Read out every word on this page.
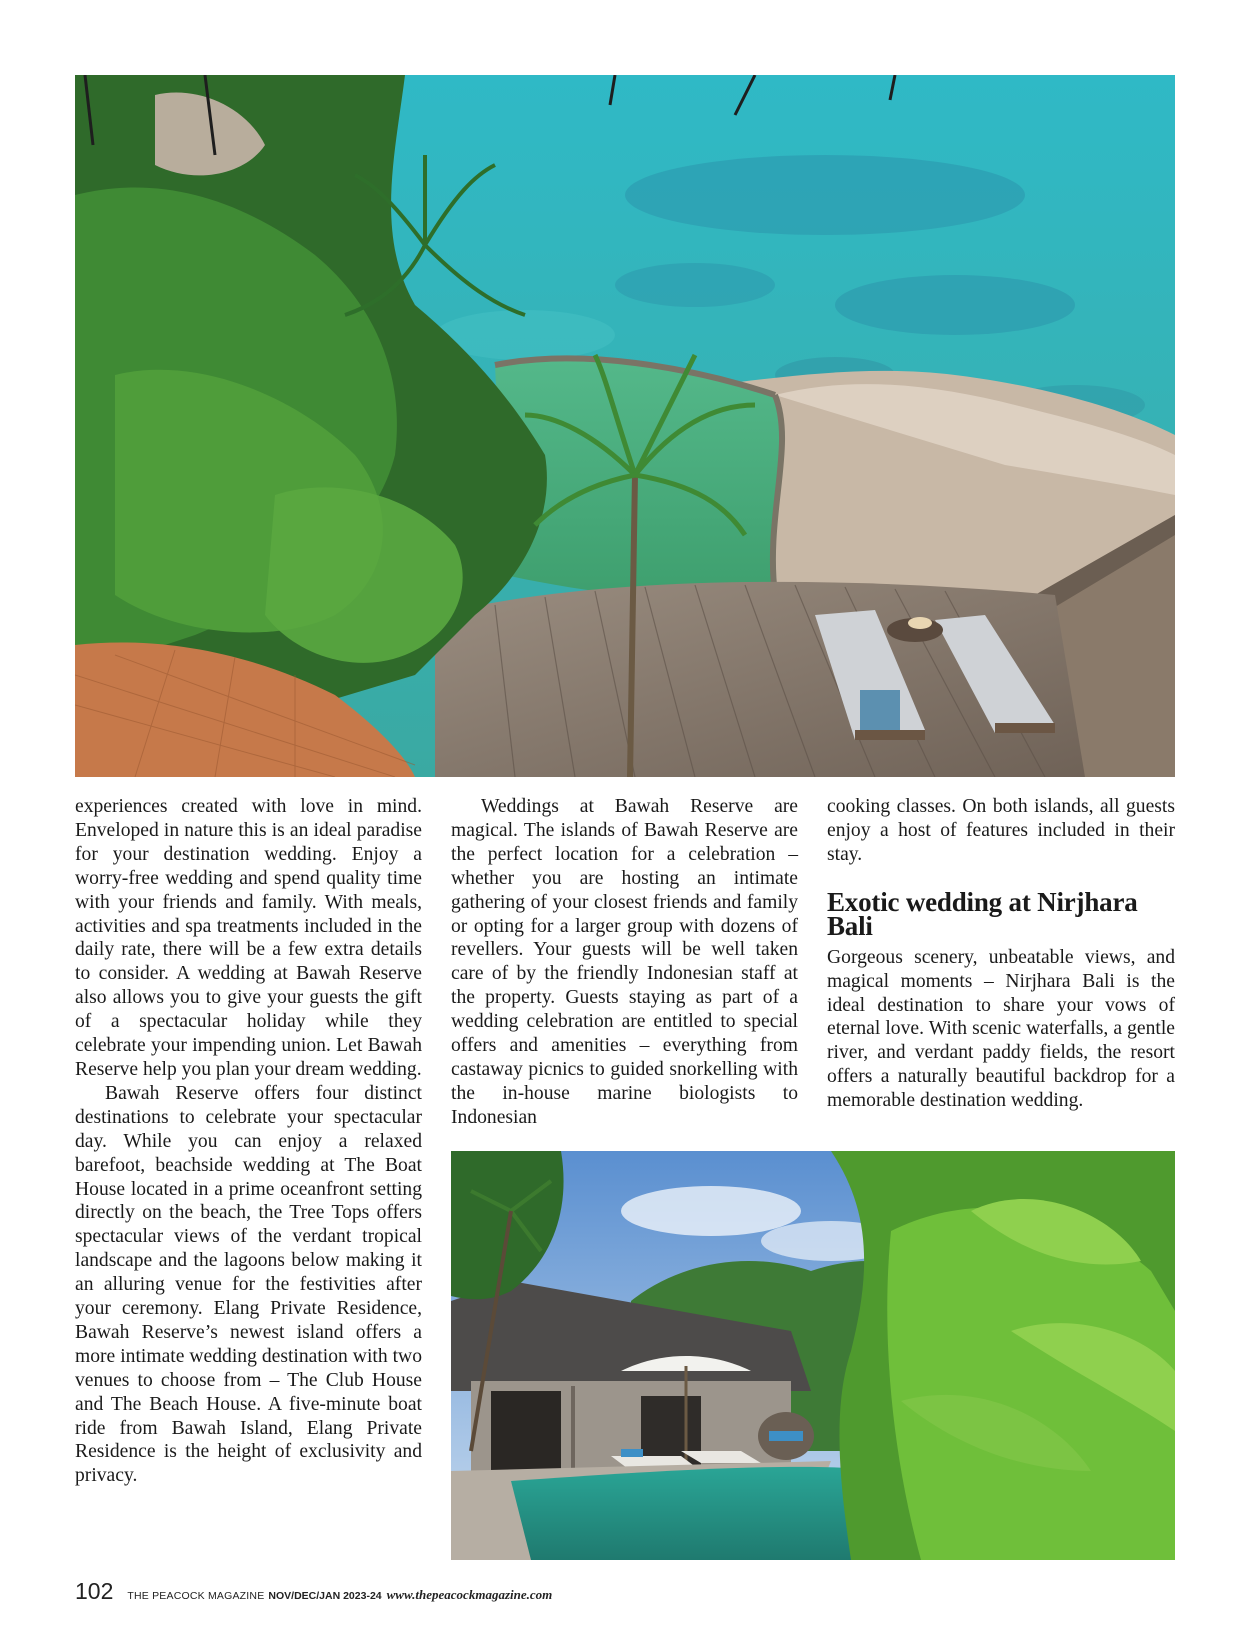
experiences created with love in mind. Enveloped in nature this is an ideal paradise for your destination wedding. Enjoy a worry-free wedding and spend quality time with your friends and family. With meals, activities and spa treatments included in the daily rate, there will be a few extra details to consider. A wedding at Bawah Reserve also allows you to give your guests the gift of a spectacular holiday while they celebrate your impending union. Let Bawah Reserve help you plan your dream wedding.

Bawah Reserve offers four distinct destinations to celebrate your spectacular day. While you can enjoy a relaxed barefoot, beachside wedding at The Boat House located in a prime oceanfront setting directly on the beach, the Tree Tops offers spectacular views of the verdant tropical landscape and the lagoons below making it an alluring venue for the festivities after your ceremony. Elang Private Residence, Bawah Reserve’s newest island offers a more intimate wedding destination with two venues to choose from – The Club House and The Beach House. A five-minute boat ride from Bawah Island, Elang Private Residence is the height of exclusivity and privacy.

Weddings at Bawah Reserve are magical. The islands of Bawah Reserve are the perfect location for a celebration – whether you are hosting an intimate gathering of your closest friends and family or opting for a larger group with dozens of revellers. Your guests will be well taken care of by the friendly Indonesian staff at the property. Guests staying as part of a wedding celebration are entitled to special offers and amenities – everything from castaway picnics to guided snorkelling with the in-house marine biologists to Indonesian

cooking classes. On both islands, all guests enjoy a host of features included in their stay.

Exotic wedding at Nirjhara Bali

Gorgeous scenery, unbeatable views, and magical moments – Nirjhara Bali is the ideal destination to share your vows of eternal love. With scenic waterfalls, a gentle river, and verdant paddy fields, the resort offers a naturally beautiful backdrop for a memorable destination wedding.

102 THE PEACOCK MAGAZINE NOV/DEC/JAN 2023-24 www.thepeacockmagazine.com
